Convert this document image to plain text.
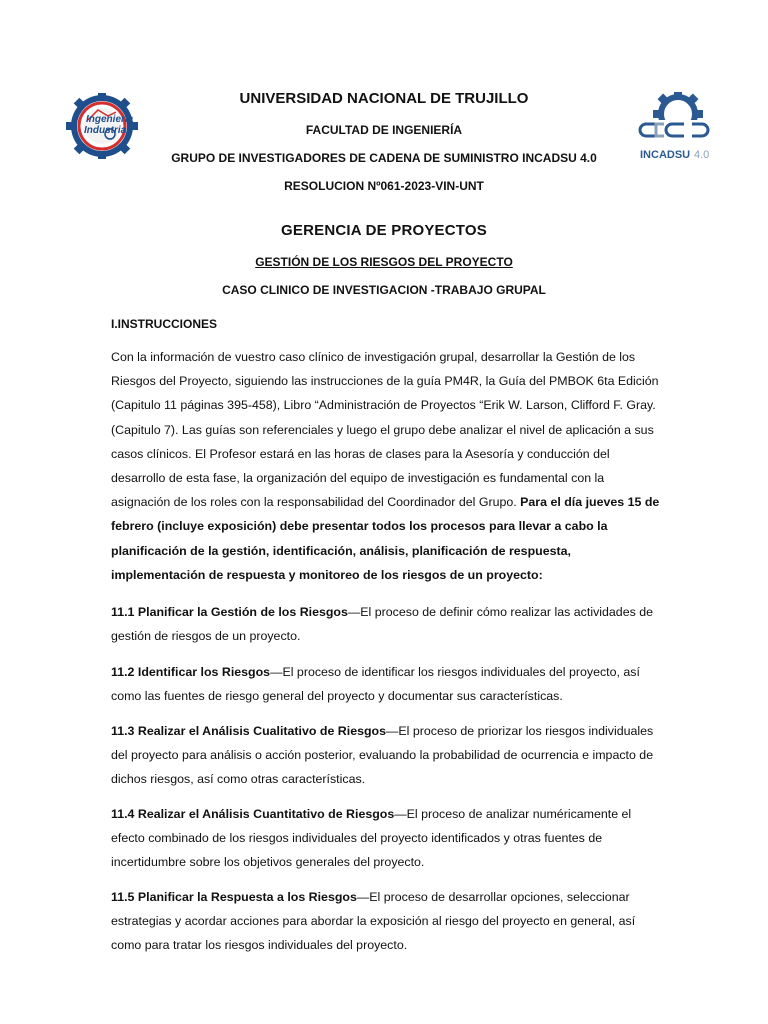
Ingeniería
Industrial
INCADSU 4.0
UNIVERSIDAD NACIONAL DE TRUJILLO
FACULTAD DE INGENIERÍA
GRUPO DE INVESTIGADORES DE CADENA DE SUMINISTRO INCADSU 4.0
RESOLUCION Nº061-2023-VIN-UNT
GERENCIA DE PROYECTOS
GESTIÓN DE LOS RIESGOS DEL PROYECTO
CASO CLINICO DE INVESTIGACION -TRABAJO GRUPAL
I.INSTRUCCIONES
Con la información de vuestro caso clínico de investigación grupal, desarrollar la Gestión de los Riesgos del Proyecto, siguiendo las instrucciones de la guía PM4R, la Guía del PMBOK 6ta Edición (Capitulo 11 páginas 395-458), Libro “Administración de Proyectos “Erik W. Larson, Clifford F. Gray. (Capitulo 7). Las guías son referenciales y luego el grupo debe analizar el nivel de aplicación a sus casos clínicos. El Profesor estará en las horas de clases para la Asesoría y conducción del desarrollo de esta fase, la organización del equipo de investigación es fundamental con la asignación de los roles con la responsabilidad del Coordinador del Grupo. Para el día jueves 15 de febrero (incluye exposición) debe presentar todos los procesos para llevar a cabo la planificación de la gestión, identificación, análisis, planificación de respuesta, implementación de respuesta y monitoreo de los riesgos de un proyecto:
11.1 Planificar la Gestión de los Riesgos—El proceso de definir cómo realizar las actividades de gestión de riesgos de un proyecto.
11.2 Identificar los Riesgos—El proceso de identificar los riesgos individuales del proyecto, así como las fuentes de riesgo general del proyecto y documentar sus características.
11.3 Realizar el Análisis Cualitativo de Riesgos—El proceso de priorizar los riesgos individuales del proyecto para análisis o acción posterior, evaluando la probabilidad de ocurrencia e impacto de dichos riesgos, así como otras características.
11.4 Realizar el Análisis Cuantitativo de Riesgos—El proceso de analizar numéricamente el efecto combinado de los riesgos individuales del proyecto identificados y otras fuentes de incertidumbre sobre los objetivos generales del proyecto.
11.5 Planificar la Respuesta a los Riesgos—El proceso de desarrollar opciones, seleccionar estrategias y acordar acciones para abordar la exposición al riesgo del proyecto en general, así como para tratar los riesgos individuales del proyecto.
